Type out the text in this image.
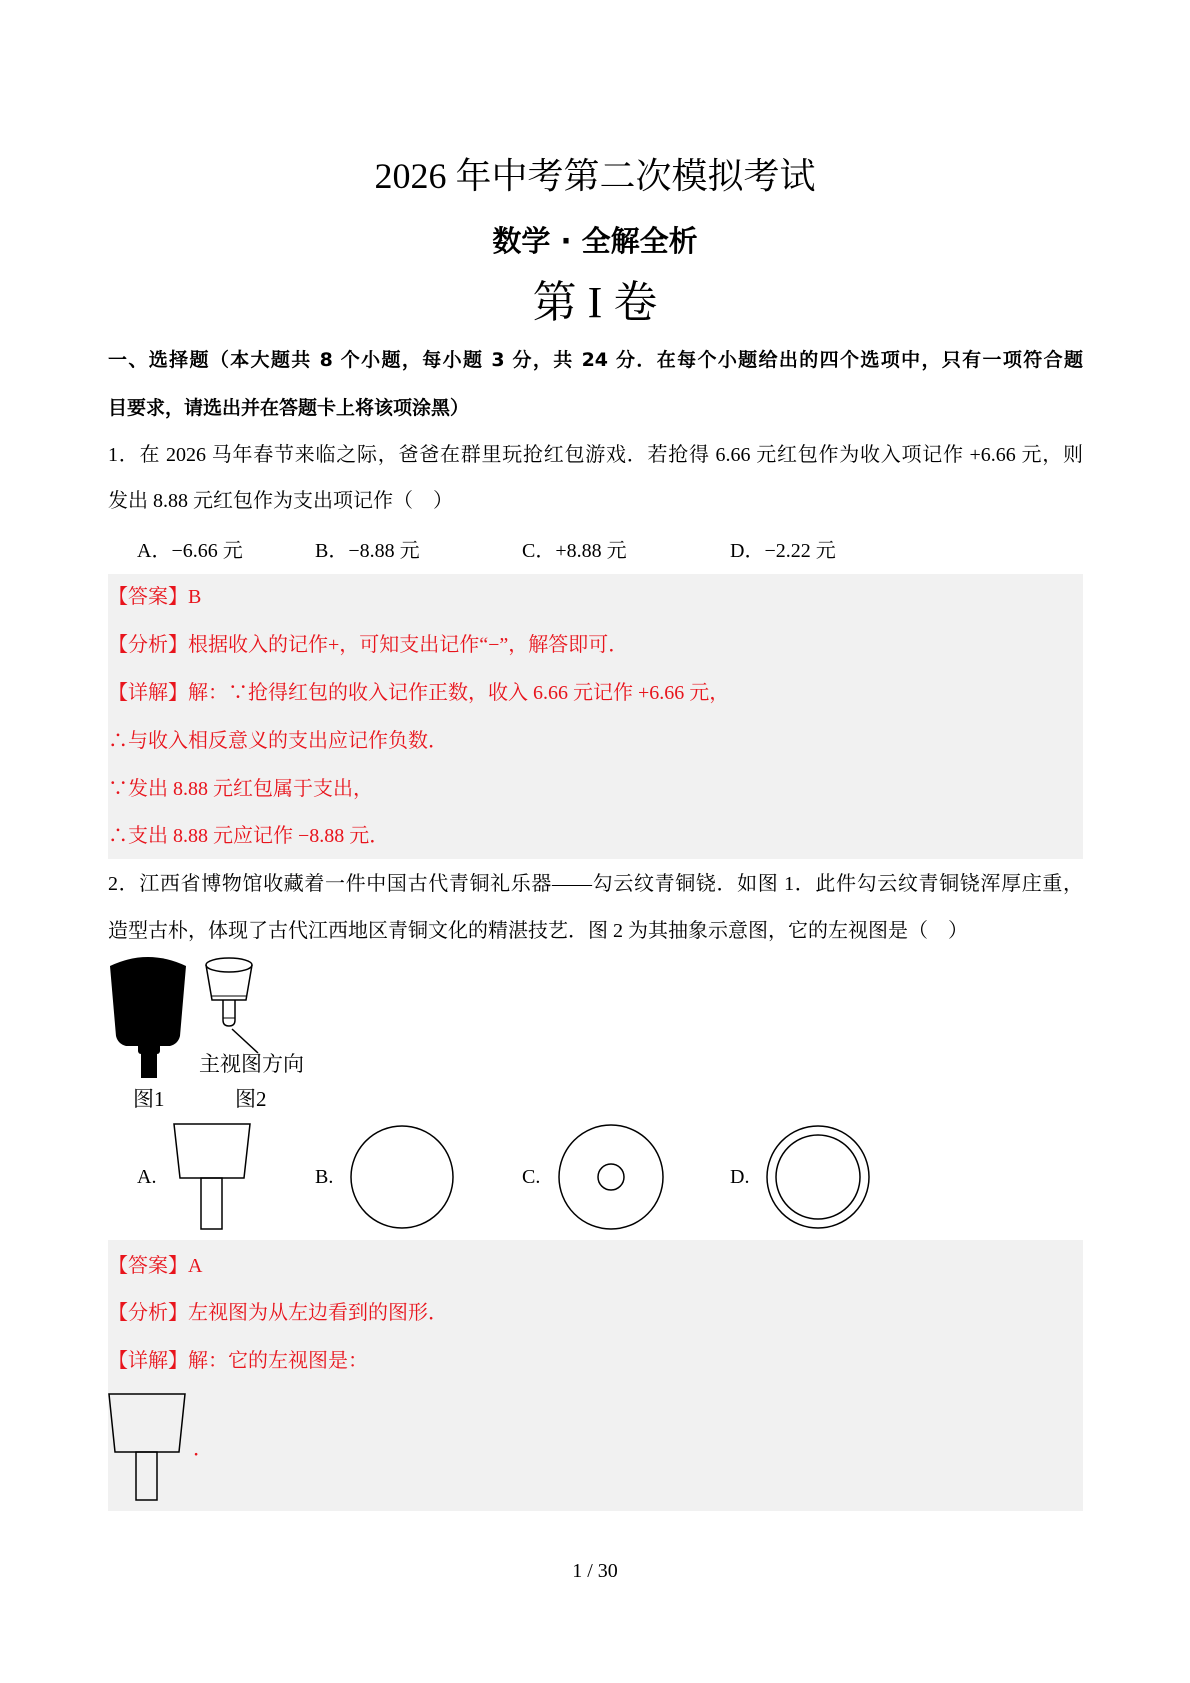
2026 年中考第二次模拟考试
数学 · 全解全析
第 I 卷
一、选择题（本大题共 8 个小题，每小题 3 分，共 24 分．在每个小题给出的四个选项中，只有一项符合题
目要求，请选出并在答题卡上将该项涂黑）
1．在 2026 马年春节来临之际，爸爸在群里玩抢红包游戏．若抢得 6.66 元红包作为收入项记作 +6.66 元，则
发出 8.88 元红包作为支出项记作（　）
A．−6.66 元	B．−8.88 元	C．+8.88 元	D．−2.22 元
【答案】B
【分析】根据收入的记作+，可知支出记作“−”，解答即可．
【详解】解：∵抢得红包的收入记作正数，收入 6.66 元记作 +6.66 元，
∴与收入相反意义的支出应记作负数．
∵发出 8.88 元红包属于支出，
∴支出 8.88 元应记作 −8.88 元．
2．江西省博物馆收藏着一件中国古代青铜礼乐器——勾云纹青铜铙．如图 1．此件勾云纹青铜铙浑厚庄重，
造型古朴，体现了古代江西地区青铜文化的精湛技艺．图 2 为其抽象示意图，它的左视图是（　）
主视图方向
图1	图2
A.	B.	C.	D.
【答案】A
【分析】左视图为从左边看到的图形．
【详解】解：它的左视图是：
．
1 / 30
